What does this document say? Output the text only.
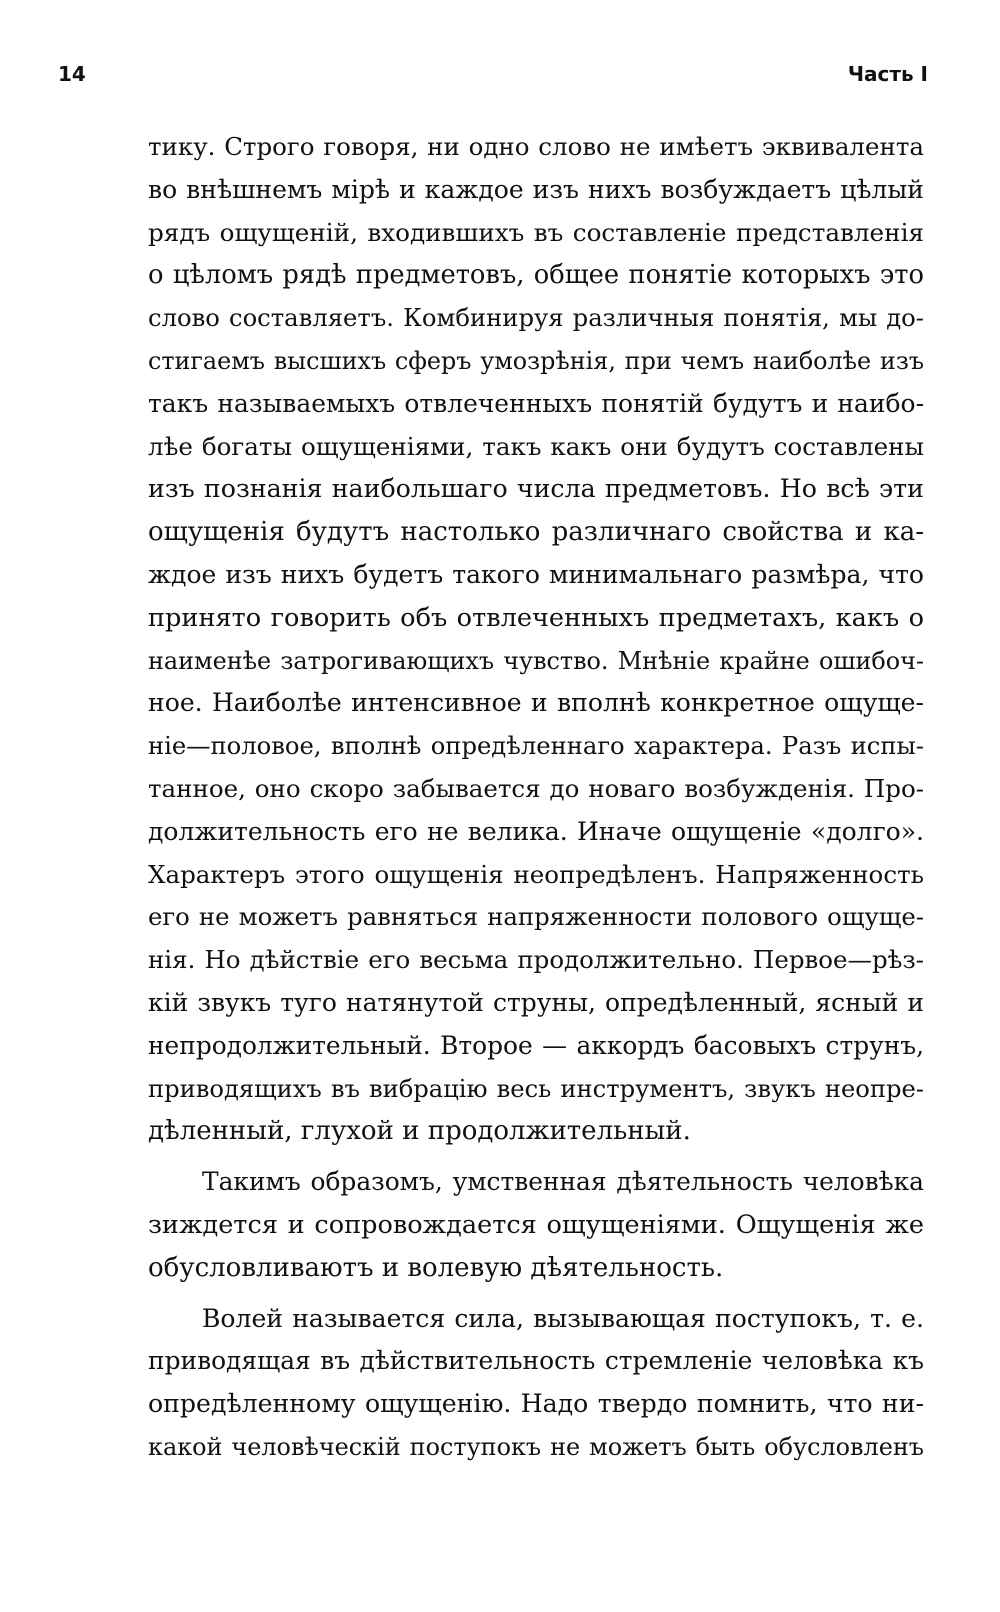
14	Часть I
тику. Строго говоря, ни одно слово не имѣетъ эквивалента
во внѣшнемъ мірѣ и каждое изъ нихъ возбуждаетъ цѣлый
рядъ ощущеній, входившихъ въ составленіе представленія
о цѣломъ рядѣ предметовъ, общее понятіе которыхъ это
слово составляетъ. Комбинируя различныя понятія, мы до-
стигаемъ высшихъ сферъ умозрѣнія, при чемъ наиболѣе изъ
такъ называемыхъ отвлеченныхъ понятій будутъ и наибо-
лѣе богаты ощущеніями, такъ какъ они будутъ составлены
изъ познанія наибольшаго числа предметовъ. Но всѣ эти
ощущенія будутъ настолько различнаго свойства и ка-
ждое изъ нихъ будетъ такого минимальнаго размѣра, что
принято говорить объ отвлеченныхъ предметахъ, какъ о
наименѣе затрогивающихъ чувство. Мнѣніе крайне ошибоч-
ное. Наиболѣе интенсивное и вполнѣ конкретное ощуще-
ніе—половое, вполнѣ опредѣленнаго характера. Разъ испы-
танное, оно скоро забывается до новаго возбужденія. Про-
должительность его не велика. Иначе ощущеніе «долго».
Характеръ этого ощущенія неопредѣленъ. Напряженность
его не можетъ равняться напряженности полового ощуще-
нія. Но дѣйствіе его весьма продолжительно. Первое—рѣз-
кій звукъ туго натянутой струны, опредѣленный, ясный и
непродолжительный. Второе — аккордъ басовыхъ струнъ,
приводящихъ въ вибрацію весь инструментъ, звукъ неопре-
дѣленный, глухой и продолжительный.
Такимъ образомъ, умственная дѣятельность человѣка
зиждется и сопровождается ощущеніями. Ощущенія же
обусловливаютъ и волевую дѣятельность.
Волей называется сила, вызывающая поступокъ, т. е.
приводящая въ дѣйствительность стремленіе человѣка къ
опредѣленному ощущенію. Надо твердо помнить, что ни-
какой человѣческій поступокъ не можетъ быть обусловленъ
